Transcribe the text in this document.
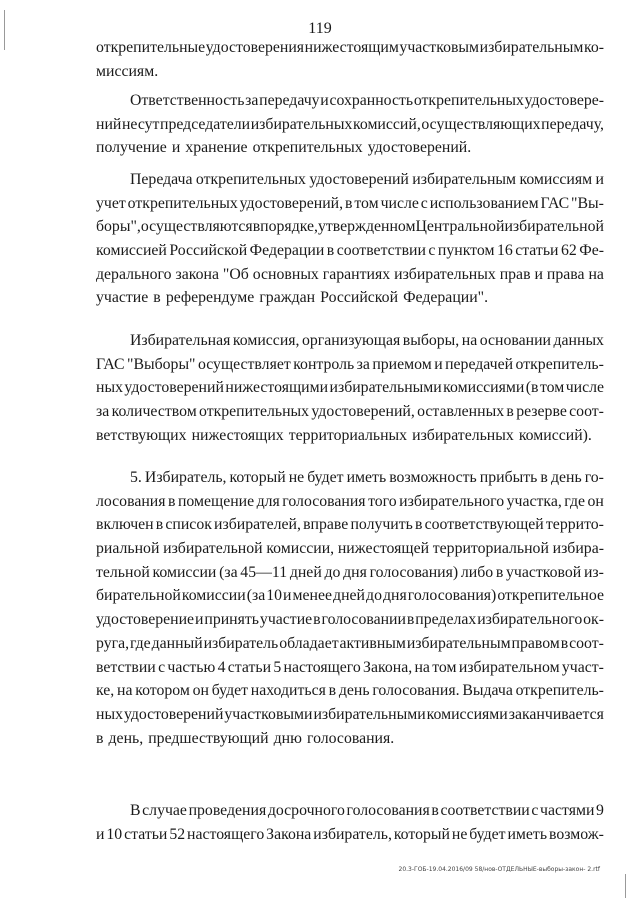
119
открепительные удостоверения нижестоящим участковым избирательным ко-
миссиям.
Ответственность за передачу и сохранность открепительных удостовере-
ний несут председатели избирательных комиссий, осуществляющих передачу,
получение и хранение открепительных удостоверений.
Передача открепительных удостоверений избирательным комиссиям и
учет открепительных удостоверений, в том числе с использованием ГАС "Вы-
боры", осуществляются в порядке, утвержденном Центральной избирательной
комиссией Российской Федерации в соответствии с пунктом 16 статьи 62 Фе-
дерального закона "Об основных гарантиях избирательных прав и права на
участие в референдуме граждан Российской Федерации".
Избирательная комиссия, организующая выборы, на основании данных
ГАС "Выборы" осуществляет контроль за приемом и передачей открепитель-
ных удостоверений нижестоящими избирательными комиссиями (в том числе
за количеством открепительных удостоверений, оставленных в резерве соот-
ветствующих нижестоящих территориальных избирательных комиссий).
5. Избиратель, который не будет иметь возможность прибыть в день го-
лосования в помещение для голосования того избирательного участка, где он
включен в список избирателей, вправе получить в соответствующей террито-
риальной избирательной комиссии, нижестоящей территориальной избира-
тельной комиссии (за 45—11 дней до дня голосования) либо в участковой из-
бирательной комиссии (за 10 и менее дней до дня голосования) открепительное
удостоверение и принять участие в голосовании в пределах избирательного ок-
руга, где данный избиратель обладает активным избирательным правом в соот-
ветствии с частью 4 статьи 5 настоящего Закона, на том избирательном участ-
ке, на котором он будет находиться в день голосования. Выдача открепитель-
ных удостоверений участковыми избирательными комиссиями заканчивается
в день, предшествующий дню голосования.
В случае проведения досрочного голосования в соответствии с частями 9
и 10 статьи 52 настоящего Закона избиратель, который не будет иметь возмож-
20.3-ГОБ-19.04.2016/09 58/нов-ОТДЕЛЬНЫЕ-выборы-закон- 2.rtf
